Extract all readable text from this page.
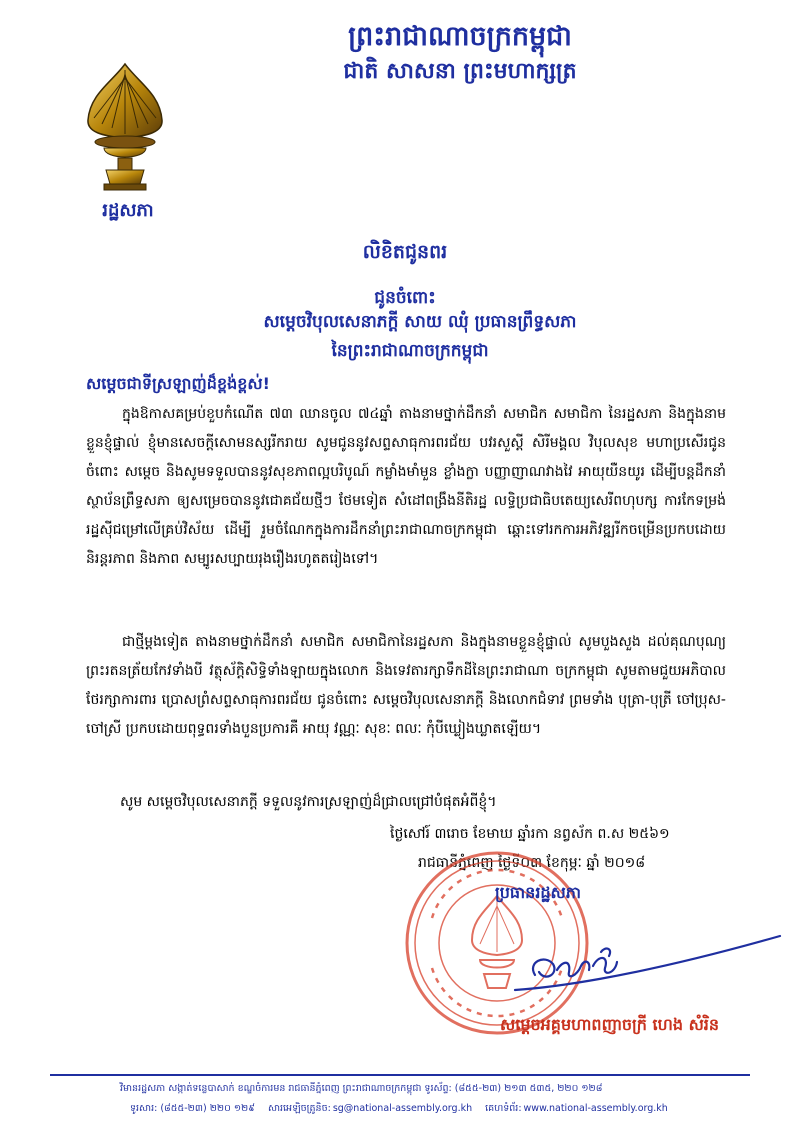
ព្រះរាជាណាចក្រកម្ពុជា
ជាតិ សាសនា ព្រះមហាក្សត្រ
រដ្ឋសភា
លិខិតជូនពរ
ជូនចំពោះ
សម្ដេចវិបុលសេនាភក្ដី សាយ ឈុំ ប្រធានព្រឹទ្ធសភា
នៃព្រះរាជាណាចក្រកម្ពុជា
សម្ដេចជាទីស្រឡាញ់ដ៏ខ្ពង់ខ្ពស់!
ក្នុងឱកាសគម្រប់ខួបកំណើត ៧៣ ឈានចូល ៧៤ឆ្នាំ តាងនាមថ្នាក់ដឹកនាំ សមាជិក សមាជិកា នៃរដ្ឋសភា និងក្នុងនាមខ្លួនខ្ញុំផ្ទាល់ ខ្ញុំមានសេចក្ដីសោមនស្សរីករាយ សូមជូននូវសព្ទសាធុការពរជ័យ បវរសួស្ដី សិរីមង្គល វិបុលសុខ មហាប្រសើរជូនចំពោះ សម្ដេច និងសូមទទួលបាននូវសុខភាពល្អបរិបូណ៍ កម្លាំងមាំមួន ខ្លាំងក្លា បញ្ញាញាណវាងវៃ អាយុយឺនយូរ ដើម្បីបន្ដដឹកនាំស្ថាប័នព្រឹទ្ធសភា ឲ្យសម្រេចបាននូវជោគជ័យថ្មីៗ ថែមទៀត សំដៅពង្រឹងនីតិរដ្ឋ លទ្ធិប្រជាធិបតេយ្យសេរីពហុបក្ស ការកែទម្រង់រដ្ឋស៊ីជម្រៅលើគ្រប់វិស័យ ដើម្បី រួមចំណែកក្នុងការដឹកនាំព្រះរាជាណាចក្រកម្ពុជា ឆ្ពោះទៅរកការអភិវឌ្ឍរីកចម្រើនប្រកបដោយនិរន្ដរភាព និងភាព សម្បូរសប្បាយរុងរឿងរហូតតរៀងទៅ។
ជាថ្មីម្ដងទៀត តាងនាមថ្នាក់ដឹកនាំ សមាជិក សមាជិកានៃរដ្ឋសភា និងក្នុងនាមខ្លួនខ្ញុំផ្ទាល់ សូមបួងសួង ដល់គុណបុណ្យព្រះរតនត្រ័យកែវទាំងបី វត្ថុស័ក្ដិសិទ្ធិទាំងឡាយក្នុងលោក និងទេវតារក្សាទឹកដីនៃព្រះរាជាណា ចក្រកម្ពុជា សូមតាមជួយអភិបាលថែរក្សាការពារ ប្រោសព្រំសព្ទសាធុការពរជ័យ ជូនចំពោះ សម្ដេចវិបុលសេនាភក្ដី និងលោកជំទាវ ព្រមទាំង បុត្រា-បុត្រី ចៅប្រុស-ចៅស្រី ប្រកបដោយពុទ្ធពរទាំងបួនប្រការគឺ អាយុ វណ្ណៈ សុខៈ ពលៈ កុំបីឃ្លៀងឃ្លាតឡើយ។
សូម សម្ដេចវិបុលសេនាភក្ដី ទទួលនូវការស្រឡាញ់ដ៏ជ្រាលជ្រៅបំផុតអំពីខ្ញុំ។
ថ្ងៃសៅរ៍ ៣រោច ខែមាឃ ឆ្នាំរកា នព្វស័ក ព.ស ២៥៦១
រាជធានីភ្នំពេញ ថ្ងៃទី០៣ ខែកុម្ភៈ ឆ្នាំ ២០១៨
ប្រធានរដ្ឋសភា
សម្ដេចអគ្គមហាពញាចក្រី ហេង សំរិន
វិមានរដ្ឋសភា សង្កាត់ទន្លេបាសាក់ ខណ្ឌចំការមន រាជធានីភ្នំពេញ ព្រះរាជាណាចក្រកម្ពុជា ទូរស័ព្ទ: (៨៥៥-២៣) ២១៣ ៥៣៥, ២២០ ១២៨
ទូរសារ: (៨៥៥-២៣) ២២០ ១២៩ សារអេឡិចត្រូនិច: sg@national-assembly.org.kh គេហទំព័រ: www.national-assembly.org.kh
